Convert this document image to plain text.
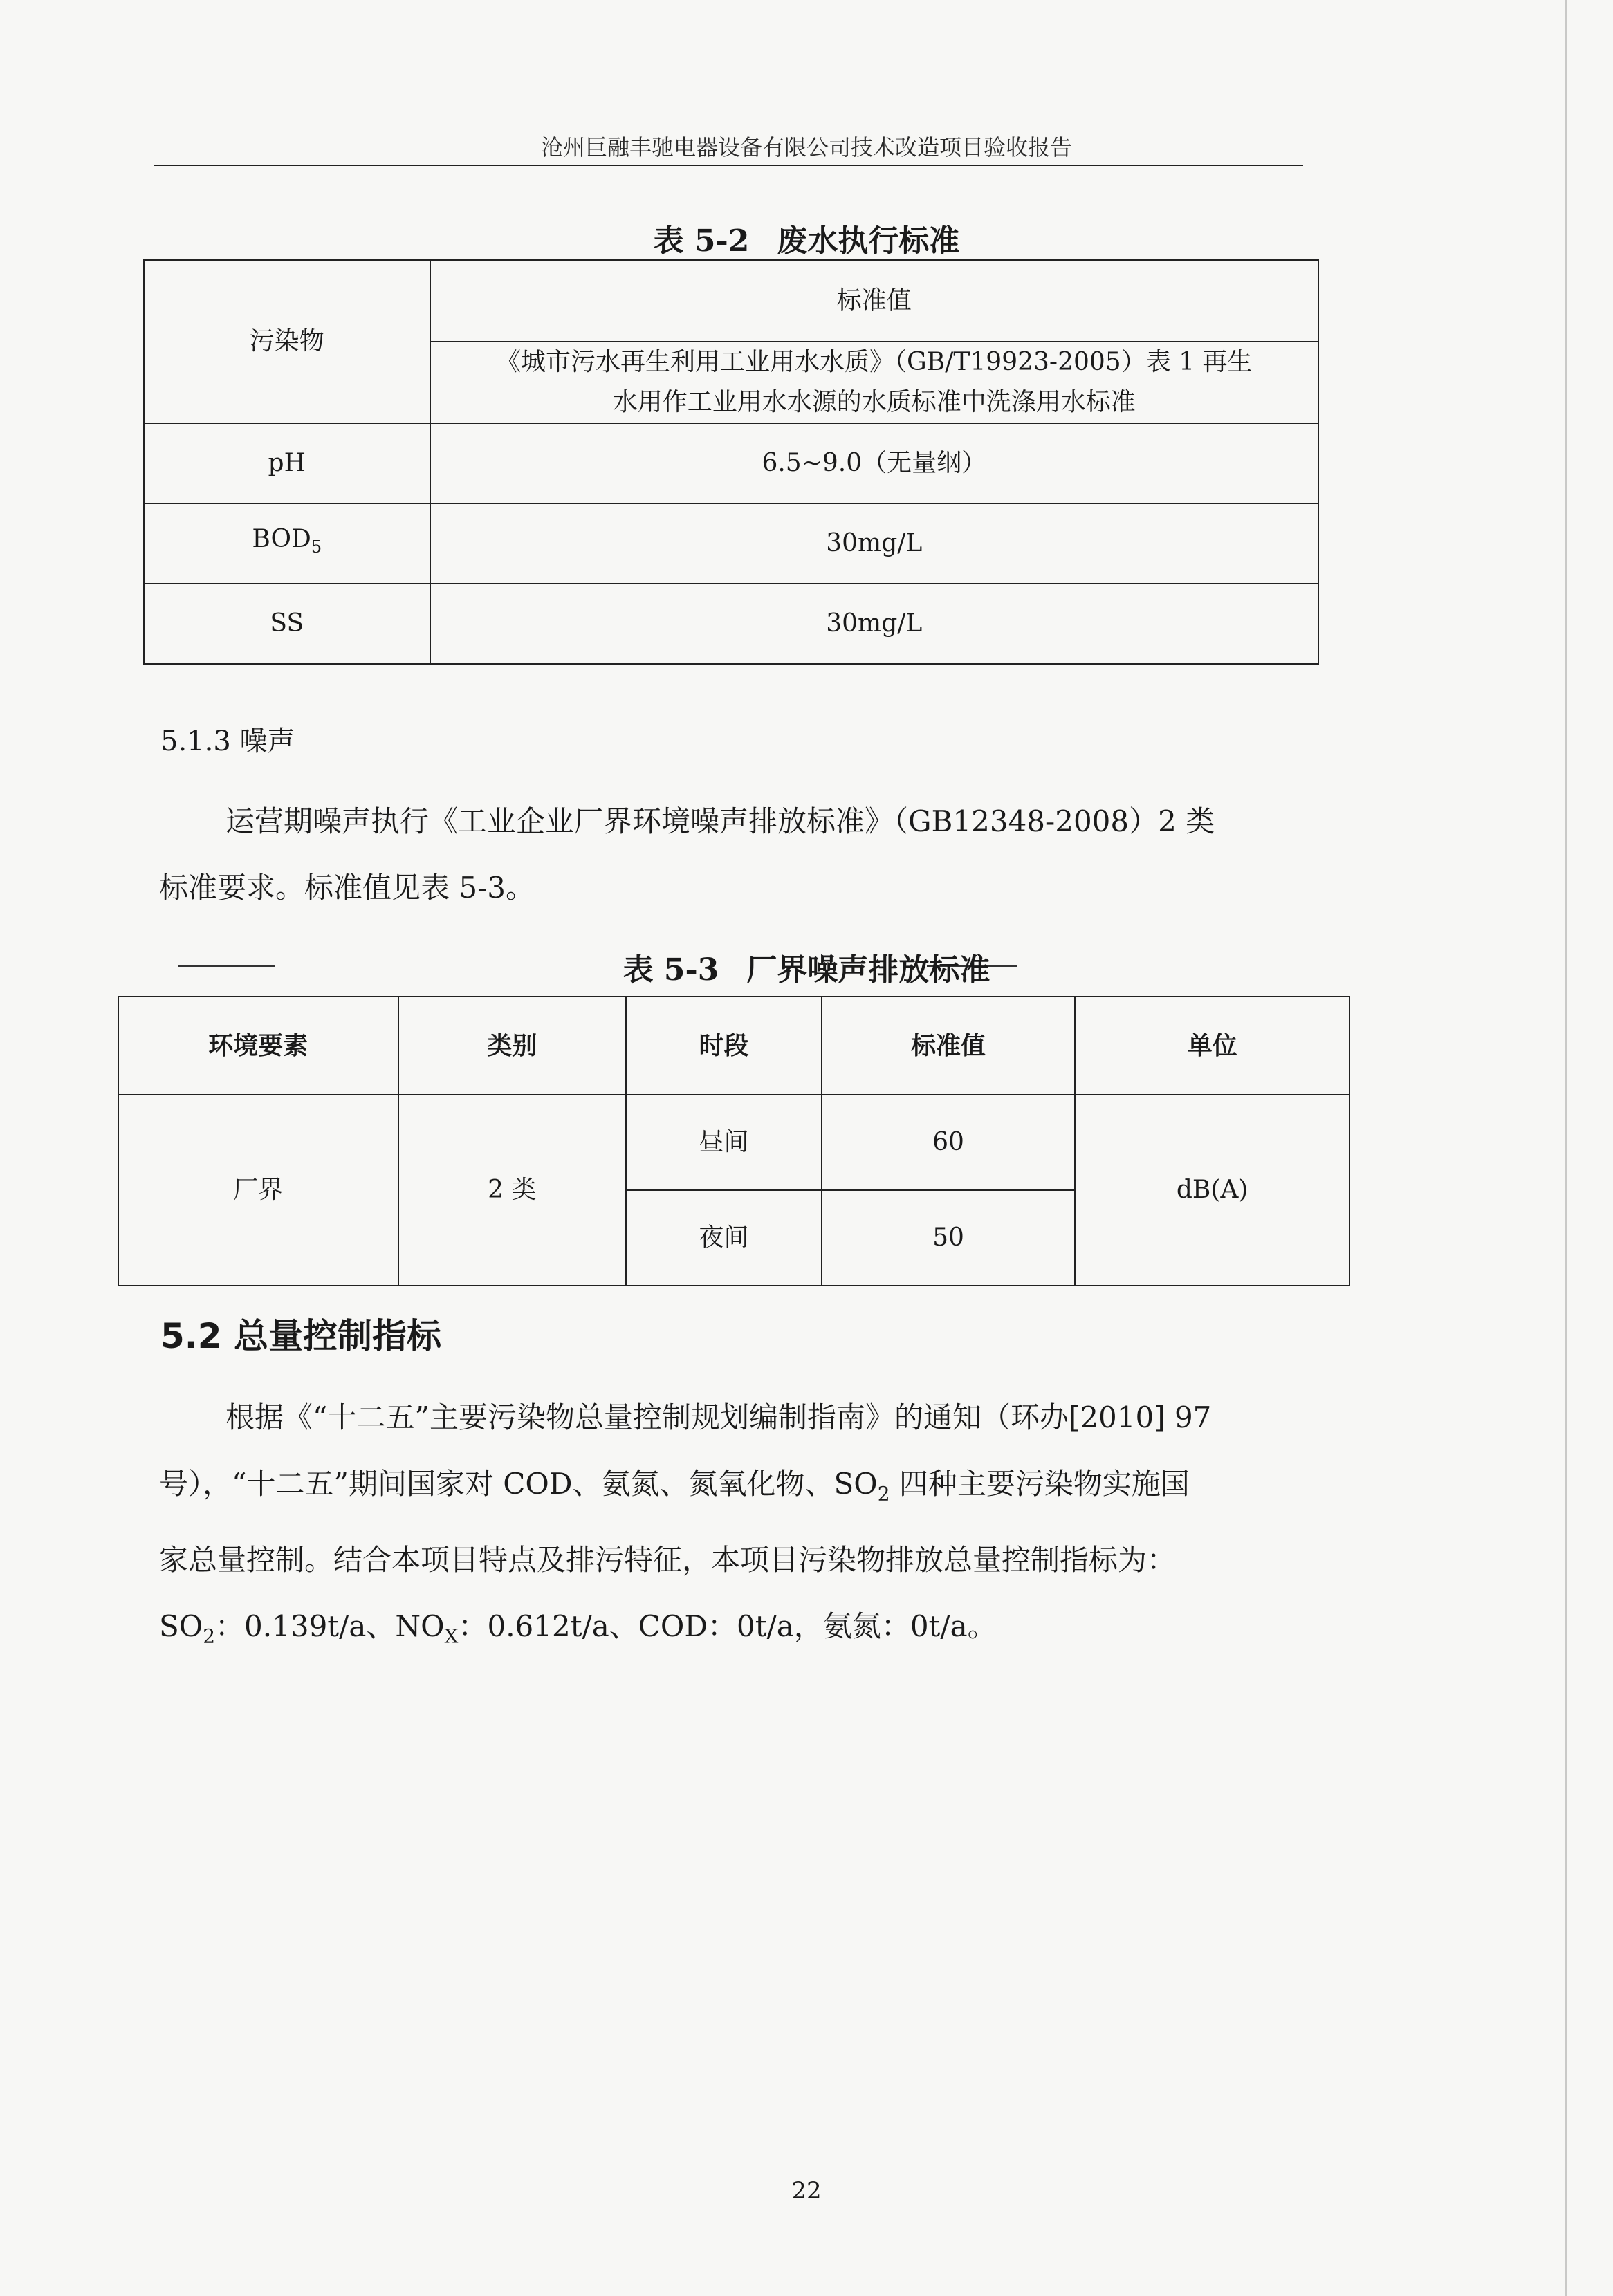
沧州巨融丰驰电器设备有限公司技术改造项目验收报告
表 5-2 废水执行标准
污染物	标准值

	《城市污水再生利用工业用水水质》（GB/T19923-2005）表 1 再生
水用作工业用水水源的水质标准中洗涤用水标准

pH	6.5~9.0（无量纲）
$BOD_5$	30mg/L
SS	30mg/L
5.1.3 噪声
运营期噪声执行《工业企业厂界环境噪声排放标准》（GB12348-2008）2 类
标准要求。标准值见表 5-3。
表 5-3 厂界噪声排放标准
环境要素	类别	时段	标准值	单位
厂界	2 类	昼间	60	dB(A)
		夜间	50	
5.2 总量控制指标
根据《“十二五”主要污染物总量控制规划编制指南》的通知（环办[2010] 97
号），“十二五”期间国家对 COD、氨氮、氮氧化物、$SO_2$ 四种主要污染物实施国
家总量控制。结合本项目特点及排污特征，本项目污染物排放总量控制指标为：
$SO_2$：0.139t/a、$NO_X$：0.612t/a、COD：0t/a，氨氮：0t/a。
22
